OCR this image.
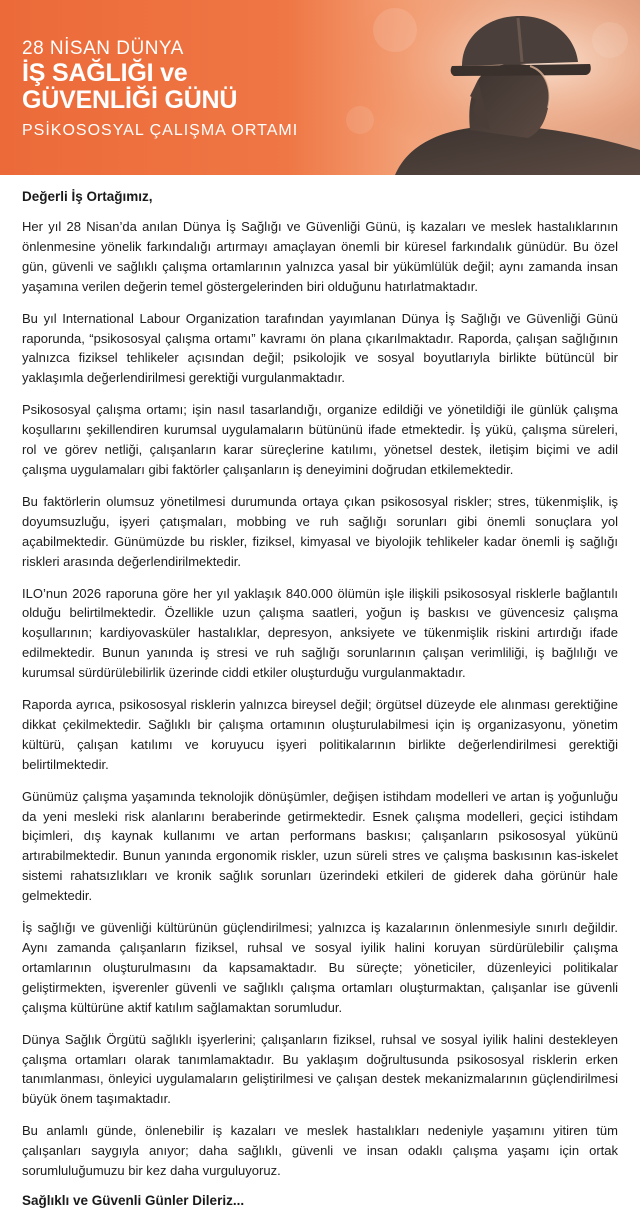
28 NİSAN DÜNYA
İŞ SAĞLIĞI ve
GÜVENLİĞİ GÜNÜ
PSİKOSOSYAL ÇALIŞMA ORTAMI

Değerli İş Ortağımız,

Her yıl 28 Nisan’da anılan Dünya İş Sağlığı ve Güvenliği Günü, iş kazaları ve meslek hastalıklarının önlenmesine yönelik farkındalığı artırmayı amaçlayan önemli bir küresel farkındalık günüdür. Bu özel gün, güvenli ve sağlıklı çalışma ortamlarının yalnızca yasal bir yükümlülük değil; aynı zamanda insan yaşamına verilen değerin temel göstergelerinden biri olduğunu hatırlatmaktadır.

Bu yıl International Labour Organization tarafından yayımlanan Dünya İş Sağlığı ve Güvenliği Günü raporunda, “psikososyal çalışma ortamı” kavramı ön plana çıkarılmaktadır. Raporda, çalışan sağlığının yalnızca fiziksel tehlikeler açısından değil; psikolojik ve sosyal boyutlarıyla birlikte bütüncül bir yaklaşımla değerlendirilmesi gerektiği vurgulanmaktadır.

Psikososyal çalışma ortamı; işin nasıl tasarlandığı, organize edildiği ve yönetildiği ile günlük çalışma koşullarını şekillendiren kurumsal uygulamaların bütününü ifade etmektedir. İş yükü, çalışma süreleri, rol ve görev netliği, çalışanların karar süreçlerine katılımı, yönetsel destek, iletişim biçimi ve adil çalışma uygulamaları gibi faktörler çalışanların iş deneyimini doğrudan etkilemektedir.

Bu faktörlerin olumsuz yönetilmesi durumunda ortaya çıkan psikososyal riskler; stres, tükenmişlik, iş doyumsuzluğu, işyeri çatışmaları, mobbing ve ruh sağlığı sorunları gibi önemli sonuçlara yol açabilmektedir. Günümüzde bu riskler, fiziksel, kimyasal ve biyolojik tehlikeler kadar önemli iş sağlığı riskleri arasında değerlendirilmektedir.

ILO’nun 2026 raporuna göre her yıl yaklaşık 840.000 ölümün işle ilişkili psikososyal risklerle bağlantılı olduğu belirtilmektedir. Özellikle uzun çalışma saatleri, yoğun iş baskısı ve güvencesiz çalışma koşullarının; kardiyovasküler hastalıklar, depresyon, anksiyete ve tükenmişlik riskini artırdığı ifade edilmektedir. Bunun yanında iş stresi ve ruh sağlığı sorunlarının çalışan verimliliği, iş bağlılığı ve kurumsal sürdürülebilirlik üzerinde ciddi etkiler oluşturduğu vurgulanmaktadır.

Raporda ayrıca, psikososyal risklerin yalnızca bireysel değil; örgütsel düzeyde ele alınması gerektiğine dikkat çekilmektedir. Sağlıklı bir çalışma ortamının oluşturulabilmesi için iş organizasyonu, yönetim kültürü, çalışan katılımı ve koruyucu işyeri politikalarının birlikte değerlendirilmesi gerektiği belirtilmektedir.

Günümüz çalışma yaşamında teknolojik dönüşümler, değişen istihdam modelleri ve artan iş yoğunluğu da yeni mesleki risk alanlarını beraberinde getirmektedir. Esnek çalışma modelleri, geçici istihdam biçimleri, dış kaynak kullanımı ve artan performans baskısı; çalışanların psikososyal yükünü artırabilmektedir. Bunun yanında ergonomik riskler, uzun süreli stres ve çalışma baskısının kas-iskelet sistemi rahatsızlıkları ve kronik sağlık sorunları üzerindeki etkileri de giderek daha görünür hale gelmektedir.

İş sağlığı ve güvenliği kültürünün güçlendirilmesi; yalnızca iş kazalarının önlenmesiyle sınırlı değildir. Aynı zamanda çalışanların fiziksel, ruhsal ve sosyal iyilik halini koruyan sürdürülebilir çalışma ortamlarının oluşturulmasını da kapsamaktadır. Bu süreçte; yöneticiler, düzenleyici politikalar geliştirmekten, işverenler güvenli ve sağlıklı çalışma ortamları oluşturmaktan, çalışanlar ise güvenli çalışma kültürüne aktif katılım sağlamaktan sorumludur.

Dünya Sağlık Örgütü sağlıklı işyerlerini; çalışanların fiziksel, ruhsal ve sosyal iyilik halini destekleyen çalışma ortamları olarak tanımlamaktadır. Bu yaklaşım doğrultusunda psikososyal risklerin erken tanımlanması, önleyici uygulamaların geliştirilmesi ve çalışan destek mekanizmalarının güçlendirilmesi büyük önem taşımaktadır.

Bu anlamlı günde, önlenebilir iş kazaları ve meslek hastalıkları nedeniyle yaşamını yitiren tüm çalışanları saygıyla anıyor; daha sağlıklı, güvenli ve insan odaklı çalışma yaşamı için ortak sorumluluğumuzu bir kez daha vurguluyoruz.

Sağlıklı ve Güvenli Günler Dileriz...
